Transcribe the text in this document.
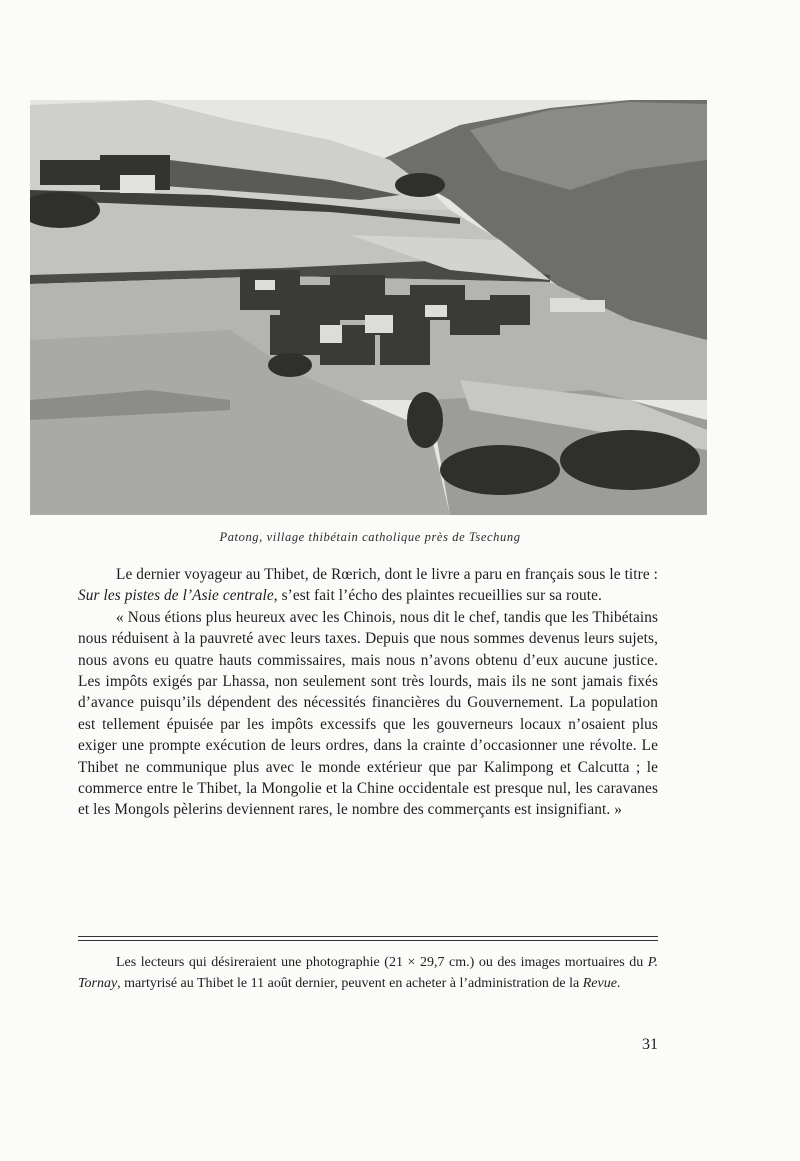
Patong, village thibétain catholique près de Tsechung

Le dernier voyageur au Thibet, de Rœrich, dont le livre a paru en français sous le titre : Sur les pistes de l’Asie centrale, s’est fait l’écho des plaintes recueillies sur sa route.

« Nous étions plus heureux avec les Chinois, nous dit le chef, tandis que les Thibétains nous réduisent à la pauvreté avec leurs taxes. Depuis que nous sommes devenus leurs sujets, nous avons eu quatre hauts commissaires, mais nous n’avons obtenu d’eux aucune justice. Les impôts exigés par Lhassa, non seulement sont très lourds, mais ils ne sont jamais fixés d’avance puisqu’ils dépendent des nécessités financières du Gouvernement. La population est tellement épuisée par les impôts excessifs que les gouverneurs locaux n’osaient plus exiger une prompte exécution de leurs ordres, dans la crainte d’occasionner une révolte. Le Thibet ne communique plus avec le monde extérieur que par Kalimpong et Calcutta ; le commerce entre le Thibet, la Mongolie et la Chine occidentale est presque nul, les caravanes et les Mongols pèlerins deviennent rares, le nombre des commerçants est insignifiant. »

Les lecteurs qui désireraient une photographie (21 × 29,7 cm.) ou des images mortuaires du P. Tornay, martyrisé au Thibet le 11 août dernier, peuvent en acheter à l’administration de la Revue.

31
